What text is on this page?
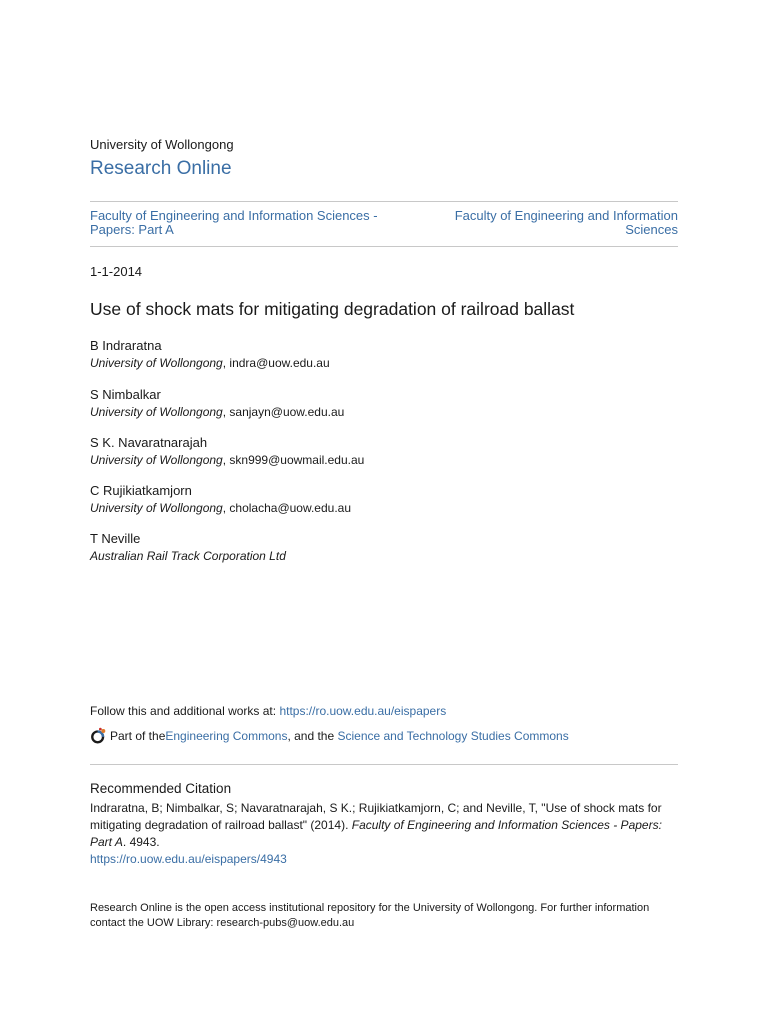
University of Wollongong
Research Online
Faculty of Engineering and Information Sciences - Papers: Part A
Faculty of Engineering and Information Sciences
1-1-2014
Use of shock mats for mitigating degradation of railroad ballast
B Indraratna
University of Wollongong, indra@uow.edu.au
S Nimbalkar
University of Wollongong, sanjayn@uow.edu.au
S K. Navaratnarajah
University of Wollongong, skn999@uowmail.edu.au
C Rujikiatkamjorn
University of Wollongong, cholacha@uow.edu.au
T Neville
Australian Rail Track Corporation Ltd
Follow this and additional works at: https://ro.uow.edu.au/eispapers
Part of the Engineering Commons , and the Science and Technology Studies Commons
Recommended Citation
Indraratna, B; Nimbalkar, S; Navaratnarajah, S K.; Rujikiatkamjorn, C; and Neville, T, "Use of shock mats for mitigating degradation of railroad ballast" (2014). Faculty of Engineering and Information Sciences - Papers: Part A. 4943.
https://ro.uow.edu.au/eispapers/4943
Research Online is the open access institutional repository for the University of Wollongong. For further information contact the UOW Library: research-pubs@uow.edu.au
